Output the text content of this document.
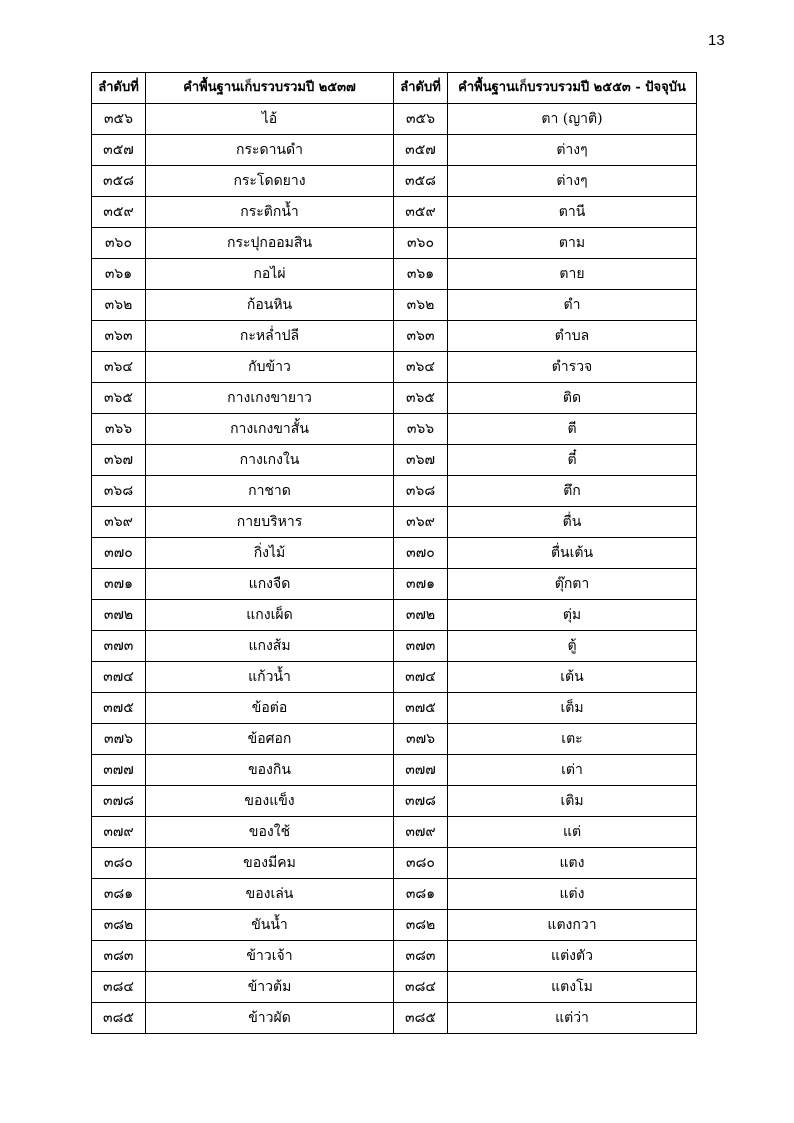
13
ลำดับที่	คำพื้นฐานเก็บรวบรวมปี ๒๕๓๗	ลำดับที่	คำพื้นฐานเก็บรวบรวมปี ๒๕๕๓ - ปัจจุบัน
๓๕๖	ไอ้	๓๕๖	ตา (ญาติ)
๓๕๗	กระดานดำ	๓๕๗	ต่างๆ
๓๕๘	กระโดดยาง	๓๕๘	ต่างๆ
๓๕๙	กระติกน้ำ	๓๕๙	ตานี
๓๖๐	กระปุกออมสิน	๓๖๐	ตาม
๓๖๑	กอไผ่	๓๖๑	ตาย
๓๖๒	ก้อนหิน	๓๖๒	ตำ
๓๖๓	กะหล่ำปลี	๓๖๓	ตำบล
๓๖๔	กับข้าว	๓๖๔	ตำรวจ
๓๖๕	กางเกงขายาว	๓๖๕	ติด
๓๖๖	กางเกงขาสั้น	๓๖๖	ตี
๓๖๗	กางเกงใน	๓๖๗	ตี๋
๓๖๘	กาชาด	๓๖๘	ตึก
๓๖๙	กายบริหาร	๓๖๙	ตื่น
๓๗๐	กิ่งไม้	๓๗๐	ตื่นเต้น
๓๗๑	แกงจืด	๓๗๑	ตุ๊กตา
๓๗๒	แกงเผ็ด	๓๗๒	ตุ่ม
๓๗๓	แกงส้ม	๓๗๓	ตู้
๓๗๔	แก้วน้ำ	๓๗๔	เต้น
๓๗๕	ข้อต่อ	๓๗๕	เต็ม
๓๗๖	ข้อศอก	๓๗๖	เตะ
๓๗๗	ของกิน	๓๗๗	เต่า
๓๗๘	ของแข็ง	๓๗๘	เติม
๓๗๙	ของใช้	๓๗๙	แต่
๓๘๐	ของมีคม	๓๘๐	แตง
๓๘๑	ของเล่น	๓๘๑	แต่ง
๓๘๒	ขันน้ำ	๓๘๒	แตงกวา
๓๘๓	ข้าวเจ้า	๓๘๓	แต่งตัว
๓๘๔	ข้าวต้ม	๓๘๔	แตงโม
๓๘๕	ข้าวผัด	๓๘๕	แต่ว่า
